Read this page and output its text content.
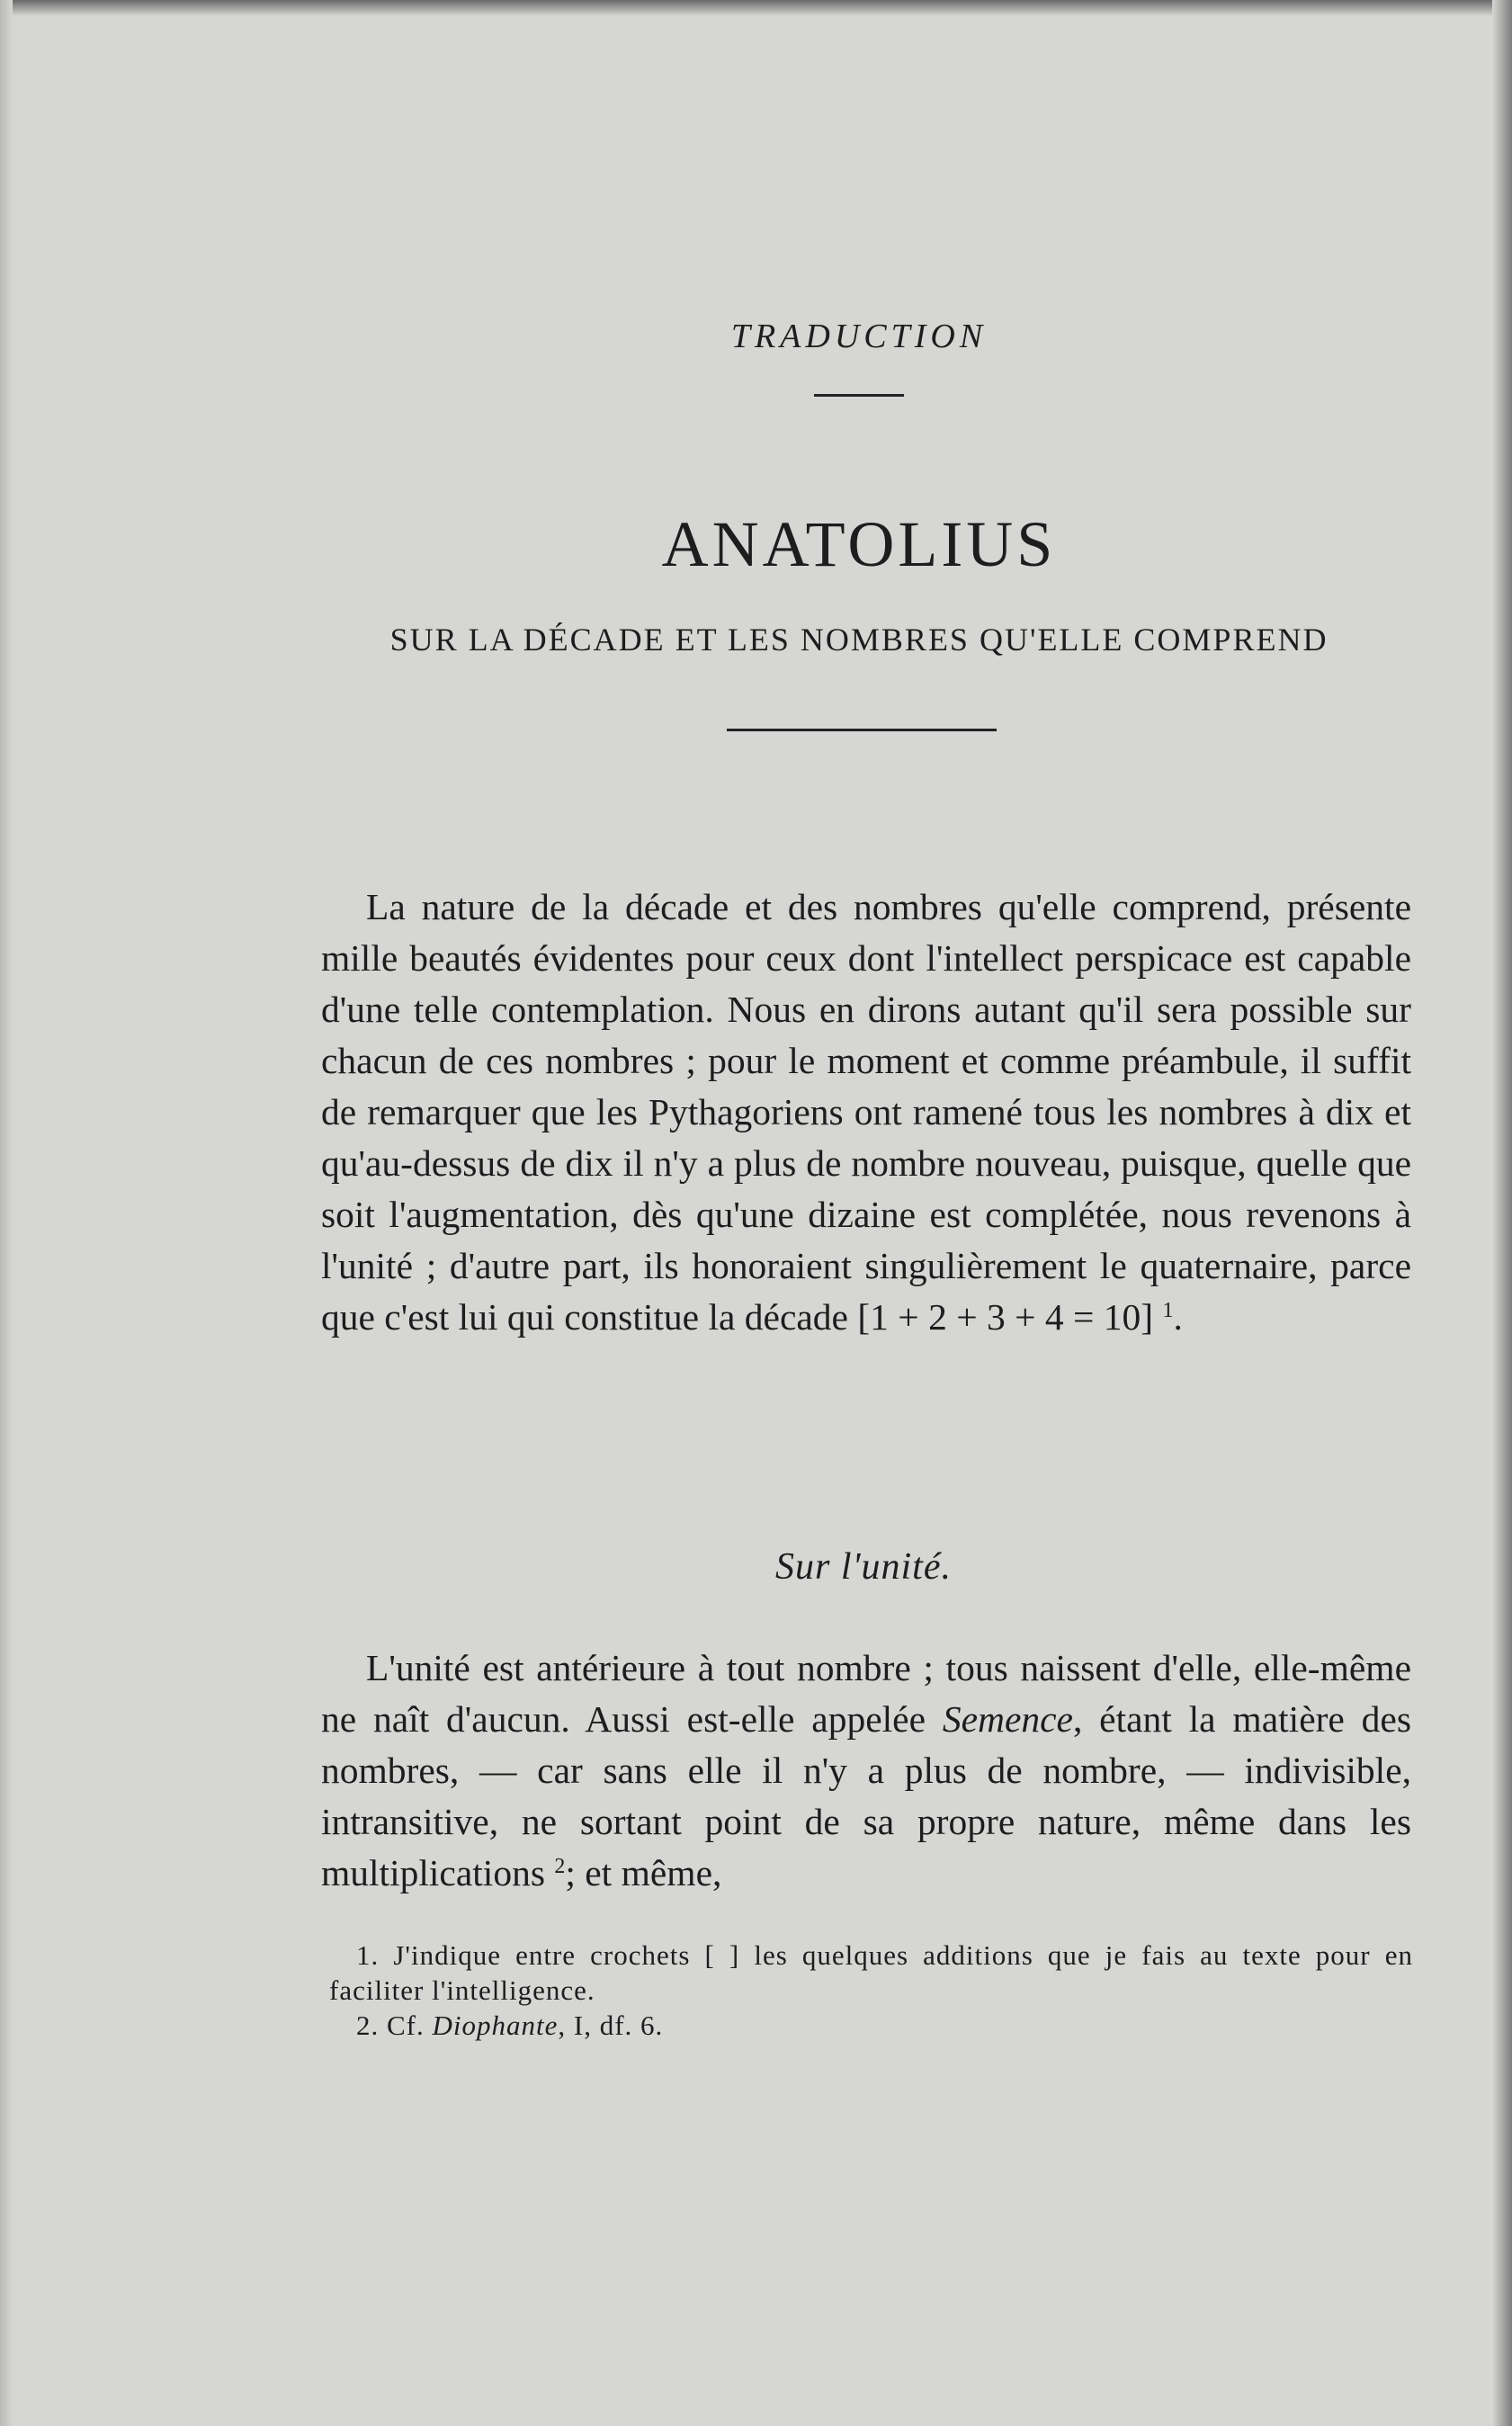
TRADUCTION
ANATOLIUS
SUR LA DÉCADE ET LES NOMBRES QU'ELLE COMPREND

La nature de la décade et des nombres qu'elle comprend, présente mille beautés évidentes pour ceux dont l'intellect perspicace est capable d'une telle contemplation. Nous en dirons autant qu'il sera possible sur chacun de ces nombres ; pour le moment et comme préambule, il suffit de remarquer que les Pythagoriens ont ramené tous les nombres à dix et qu'au-dessus de dix il n'y a plus de nombre nouveau, puisque, quelle que soit l'augmentation, dès qu'une dizaine est complétée, nous revenons à l'unité ; d'autre part, ils honoraient singulièrement le quaternaire, parce que c'est lui qui constitue la décade [1 + 2 + 3 + 4 = 10] $^1$.

Sur l'unité.

L'unité est antérieure à tout nombre ; tous naissent d'elle, elle-même ne naît d'aucun. Aussi est-elle appelée Semence, étant la matière des nombres, — car sans elle il n'y a plus de nombre, — indivisible, intransitive, ne sortant point de sa propre nature, même dans les multiplications $^2$; et même,

1. J'indique entre crochets [ ] les quelques additions que je fais au texte pour en faciliter l'intelligence.

2. Cf. Diophante, I, df. 6.
